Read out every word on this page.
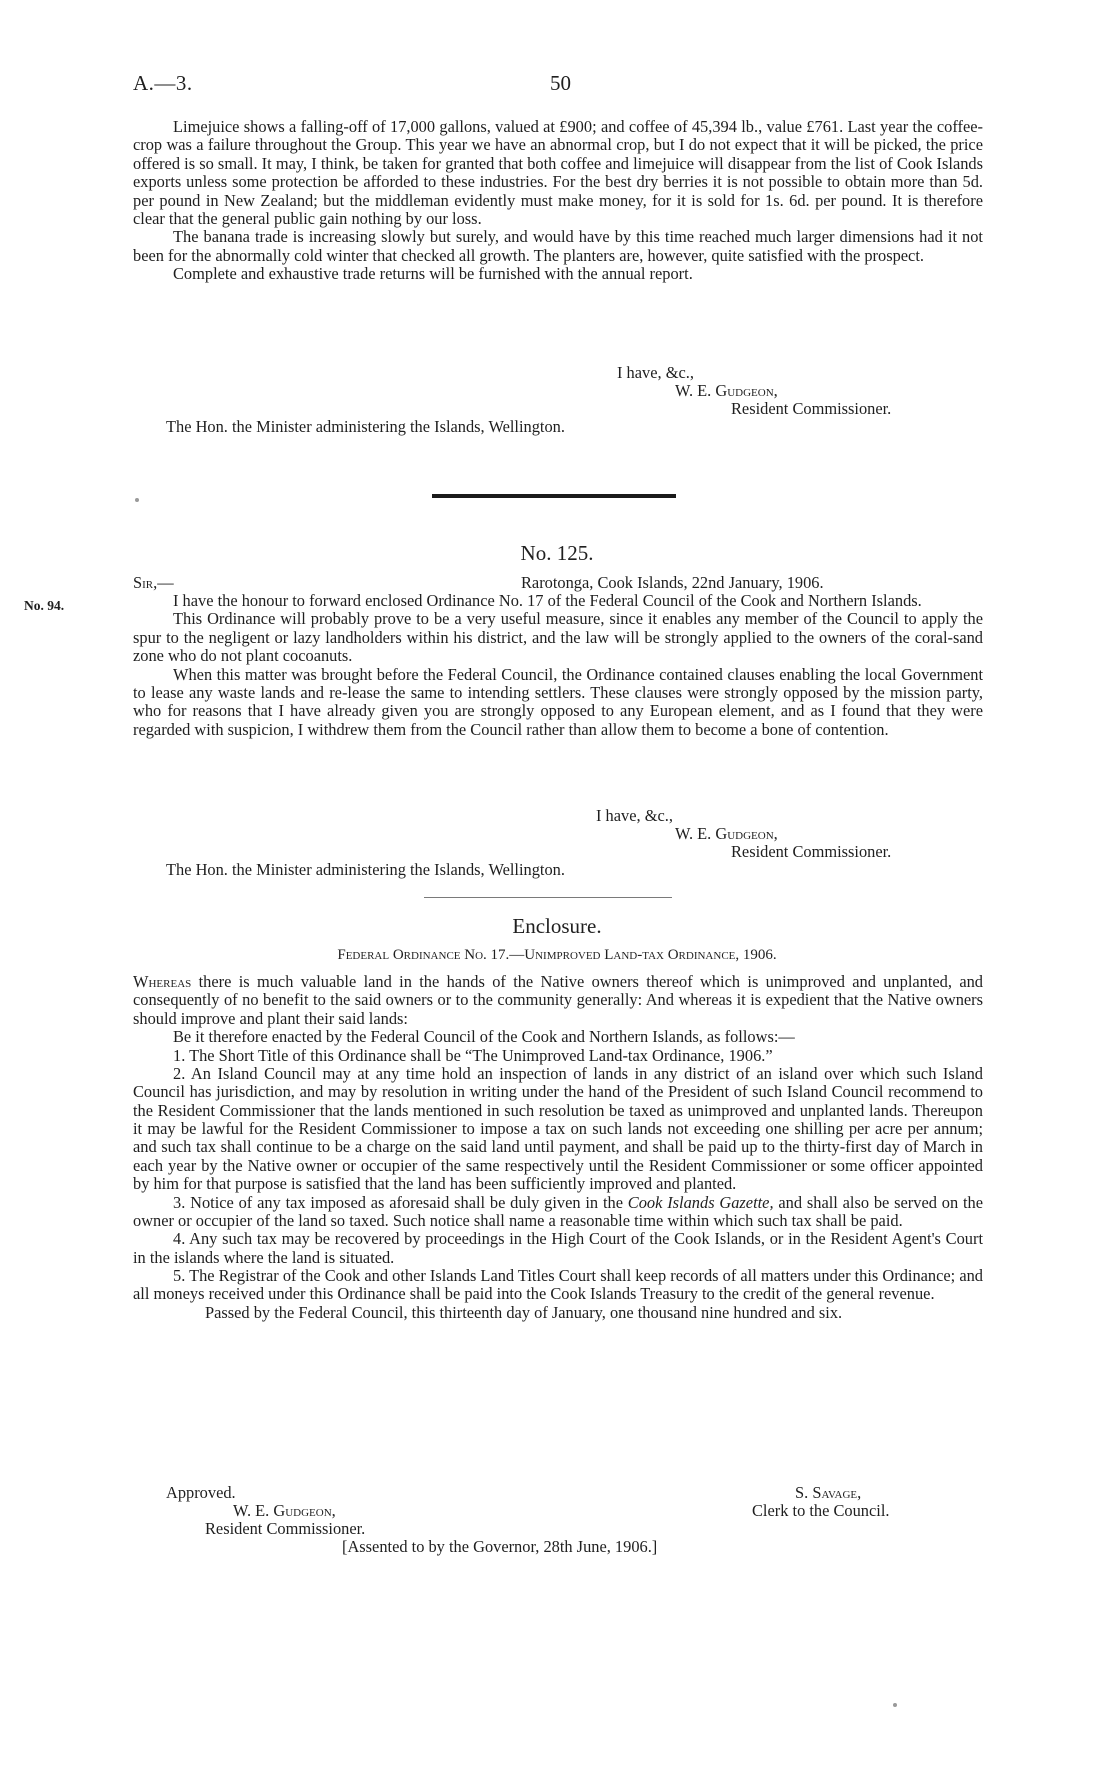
A.—3.	50

Limejuice shows a falling-off of 17,000 gallons, valued at £900; and coffee of 45,394 lb., value £761. Last year the coffee-crop was a failure throughout the Group. This year we have an abnormal crop, but I do not expect that it will be picked, the price offered is so small. It may, I think, be taken for granted that both coffee and limejuice will disappear from the list of Cook Islands exports unless some protection be afforded to these industries. For the best dry berries it is not possible to obtain more than 5d. per pound in New Zealand; but the middleman evidently must make money, for it is sold for 1s. 6d. per pound. It is therefore clear that the general public gain nothing by our loss.

The banana trade is increasing slowly but surely, and would have by this time reached much larger dimensions had it not been for the abnormally cold winter that checked all growth. The planters are, however, quite satisfied with the prospect.

Complete and exhaustive trade returns will be furnished with the annual report.

I have, &c.,
W. E. Gudgeon,
Resident Commissioner.
The Hon. the Minister administering the Islands, Wellington.
No. 125.
No. 94.
Sir,—	Rarotonga, Cook Islands, 22nd January, 1906.

I have the honour to forward enclosed Ordinance No. 17 of the Federal Council of the Cook and Northern Islands.

This Ordinance will probably prove to be a very useful measure, since it enables any member of the Council to apply the spur to the negligent or lazy landholders within his district, and the law will be strongly applied to the owners of the coral-sand zone who do not plant cocoanuts.

When this matter was brought before the Federal Council, the Ordinance contained clauses enabling the local Government to lease any waste lands and re-lease the same to intending settlers. These clauses were strongly opposed by the mission party, who for reasons that I have already given you are strongly opposed to any European element, and as I found that they were regarded with suspicion, I withdrew them from the Council rather than allow them to become a bone of contention.

I have, &c.,
W. E. Gudgeon,
Resident Commissioner.
The Hon. the Minister administering the Islands, Wellington.
Enclosure.
Federal Ordinance No. 17.—Unimproved Land-tax Ordinance, 1906.

Whereas there is much valuable land in the hands of the Native owners thereof which is unimproved and unplanted, and consequently of no benefit to the said owners or to the community generally: And whereas it is expedient that the Native owners should improve and plant their said lands:

Be it therefore enacted by the Federal Council of the Cook and Northern Islands, as follows:—

1. The Short Title of this Ordinance shall be “The Unimproved Land-tax Ordinance, 1906.”

2. An Island Council may at any time hold an inspection of lands in any district of an island over which such Island Council has jurisdiction, and may by resolution in writing under the hand of the President of such Island Council recommend to the Resident Commissioner that the lands mentioned in such resolution be taxed as unimproved and unplanted lands. Thereupon it may be lawful for the Resident Commissioner to impose a tax on such lands not exceeding one shilling per acre per annum; and such tax shall continue to be a charge on the said land until payment, and shall be paid up to the thirty-first day of March in each year by the Native owner or occupier of the same respectively until the Resident Commissioner or some officer appointed by him for that purpose is satisfied that the land has been sufficiently improved and planted.

3. Notice of any tax imposed as aforesaid shall be duly given in the Cook Islands Gazette, and shall also be served on the owner or occupier of the land so taxed. Such notice shall name a reasonable time within which such tax shall be paid.

4. Any such tax may be recovered by proceedings in the High Court of the Cook Islands, or in the Resident Agent's Court in the islands where the land is situated.

5. The Registrar of the Cook and other Islands Land Titles Court shall keep records of all matters under this Ordinance; and all moneys received under this Ordinance shall be paid into the Cook Islands Treasury to the credit of the general revenue.

Passed by the Federal Council, this thirteenth day of January, one thousand nine hundred and six.

Approved.
W. E. Gudgeon,
Resident Commissioner.
S. Savage,
Clerk to the Council.
[Assented to by the Governor, 28th June, 1906.]
